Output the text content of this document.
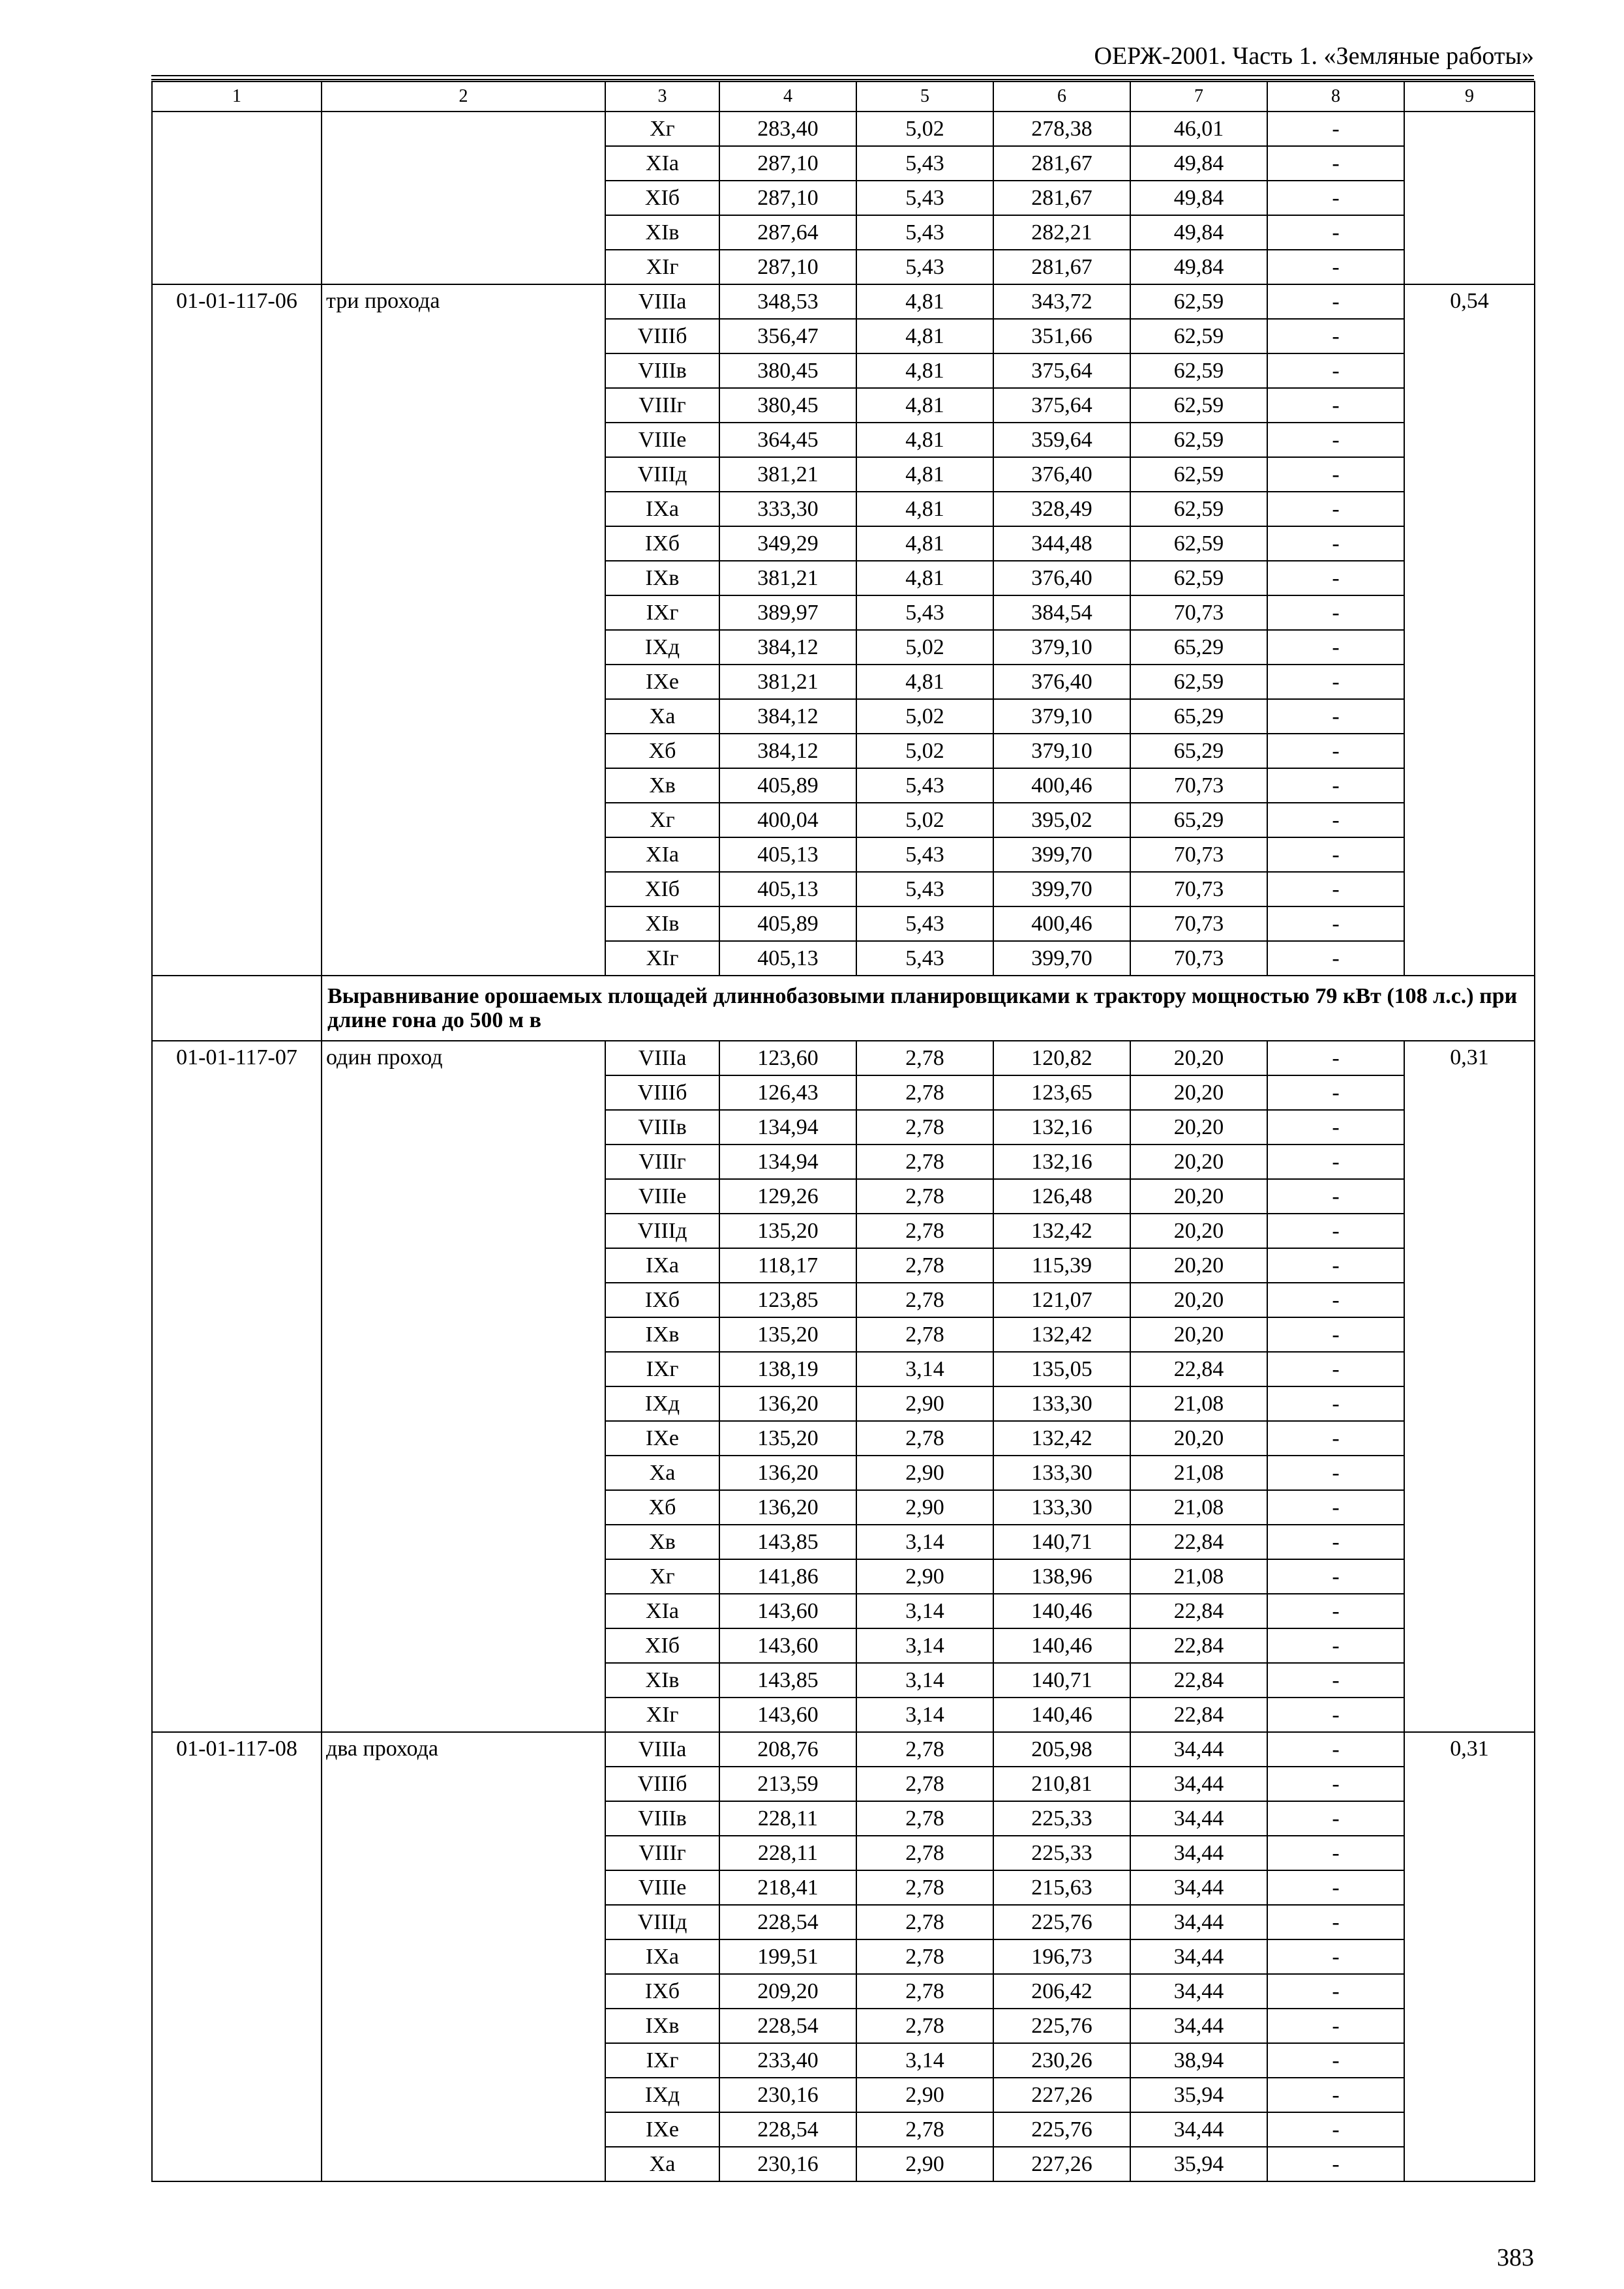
ОЕРЖ-2001. Часть 1. «Земляные работы»
1	2	3	4	5	6	7	8	9
		Xг	283,40	5,02	278,38	46,01	-	
		XIа	287,10	5,43	281,67	49,84	-	
		XIб	287,10	5,43	281,67	49,84	-	
		XIв	287,64	5,43	282,21	49,84	-	
		XIг	287,10	5,43	281,67	49,84	-	
01-01-117-06	три прохода	VIIIа	348,53	4,81	343,72	62,59	-	0,54
		VIIIб	356,47	4,81	351,66	62,59	-	
		VIIIв	380,45	4,81	375,64	62,59	-	
		VIIIг	380,45	4,81	375,64	62,59	-	
		VIIIе	364,45	4,81	359,64	62,59	-	
		VIIIд	381,21	4,81	376,40	62,59	-	
		IXа	333,30	4,81	328,49	62,59	-	
		IXб	349,29	4,81	344,48	62,59	-	
		IXв	381,21	4,81	376,40	62,59	-	
		IXг	389,97	5,43	384,54	70,73	-	
		IXд	384,12	5,02	379,10	65,29	-	
		IXе	381,21	4,81	376,40	62,59	-	
		Xа	384,12	5,02	379,10	65,29	-	
		Xб	384,12	5,02	379,10	65,29	-	
		Xв	405,89	5,43	400,46	70,73	-	
		Xг	400,04	5,02	395,02	65,29	-	
		XIа	405,13	5,43	399,70	70,73	-	
		XIб	405,13	5,43	399,70	70,73	-	
		XIв	405,89	5,43	400,46	70,73	-	
		XIг	405,13	5,43	399,70	70,73	-	
	Выравнивание орошаемых площадей длиннобазовыми планировщиками к трактору мощностью 79 кВт (108 л.с.) при длине гона до 500 м в							
01-01-117-07	один проход	VIIIа	123,60	2,78	120,82	20,20	-	0,31
		VIIIб	126,43	2,78	123,65	20,20	-	
		VIIIв	134,94	2,78	132,16	20,20	-	
		VIIIг	134,94	2,78	132,16	20,20	-	
		VIIIе	129,26	2,78	126,48	20,20	-	
		VIIIд	135,20	2,78	132,42	20,20	-	
		IXа	118,17	2,78	115,39	20,20	-	
		IXб	123,85	2,78	121,07	20,20	-	
		IXв	135,20	2,78	132,42	20,20	-	
		IXг	138,19	3,14	135,05	22,84	-	
		IXд	136,20	2,90	133,30	21,08	-	
		IXе	135,20	2,78	132,42	20,20	-	
		Xа	136,20	2,90	133,30	21,08	-	
		Xб	136,20	2,90	133,30	21,08	-	
		Xв	143,85	3,14	140,71	22,84	-	
		Xг	141,86	2,90	138,96	21,08	-	
		XIа	143,60	3,14	140,46	22,84	-	
		XIб	143,60	3,14	140,46	22,84	-	
		XIв	143,85	3,14	140,71	22,84	-	
		XIг	143,60	3,14	140,46	22,84	-	
01-01-117-08	два прохода	VIIIа	208,76	2,78	205,98	34,44	-	0,31
		VIIIб	213,59	2,78	210,81	34,44	-	
		VIIIв	228,11	2,78	225,33	34,44	-	
		VIIIг	228,11	2,78	225,33	34,44	-	
		VIIIе	218,41	2,78	215,63	34,44	-	
		VIIIд	228,54	2,78	225,76	34,44	-	
		IXа	199,51	2,78	196,73	34,44	-	
		IXб	209,20	2,78	206,42	34,44	-	
		IXв	228,54	2,78	225,76	34,44	-	
		IXг	233,40	3,14	230,26	38,94	-	
		IXд	230,16	2,90	227,26	35,94	-	
		IXе	228,54	2,78	225,76	34,44	-	
		Xа	230,16	2,90	227,26	35,94	-	
383
